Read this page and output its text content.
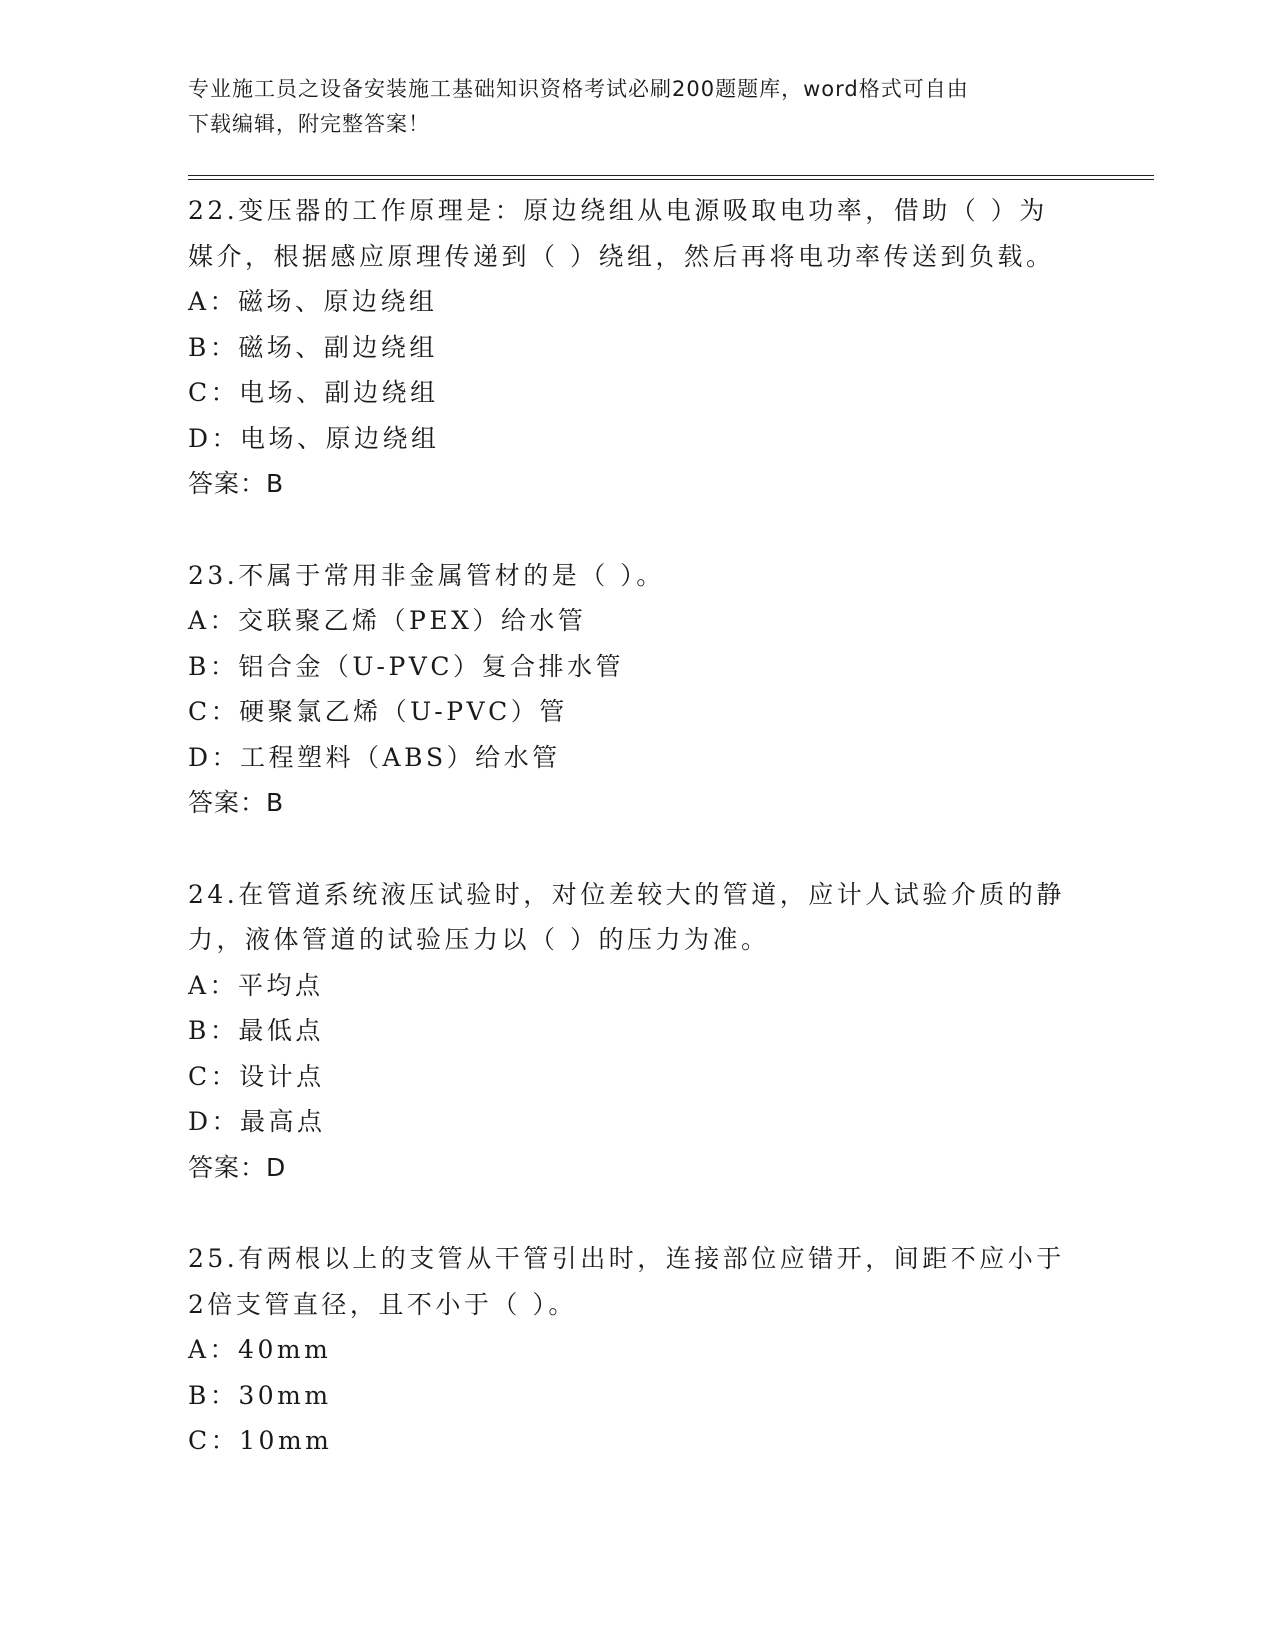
专业施工员之设备安装施工基础知识资格考试必刷200题题库，word格式可自由
下载编辑，附完整答案！
22.变压器的工作原理是：原边绕组从电源吸取电功率，借助（ ）为
媒介，根据感应原理传递到（ ）绕组，然后再将电功率传送到负载。
A：磁场、原边绕组
B：磁场、副边绕组
C：电场、副边绕组
D：电场、原边绕组
答案：B
23.不属于常用非金属管材的是（ ）。
A：交联聚乙烯（PEX）给水管
B：铝合金（U-PVC）复合排水管
C：硬聚氯乙烯（U-PVC）管
D：工程塑料（ABS）给水管
答案：B
24.在管道系统液压试验时，对位差较大的管道，应计人试验介质的静
力，液体管道的试验压力以（ ）的压力为准。
A：平均点
B：最低点
C：设计点
D：最高点
答案：D
25.有两根以上的支管从干管引出时，连接部位应错开，间距不应小于
2倍支管直径，且不小于（ ）。
A：40mm
B：30mm
C：10mm
